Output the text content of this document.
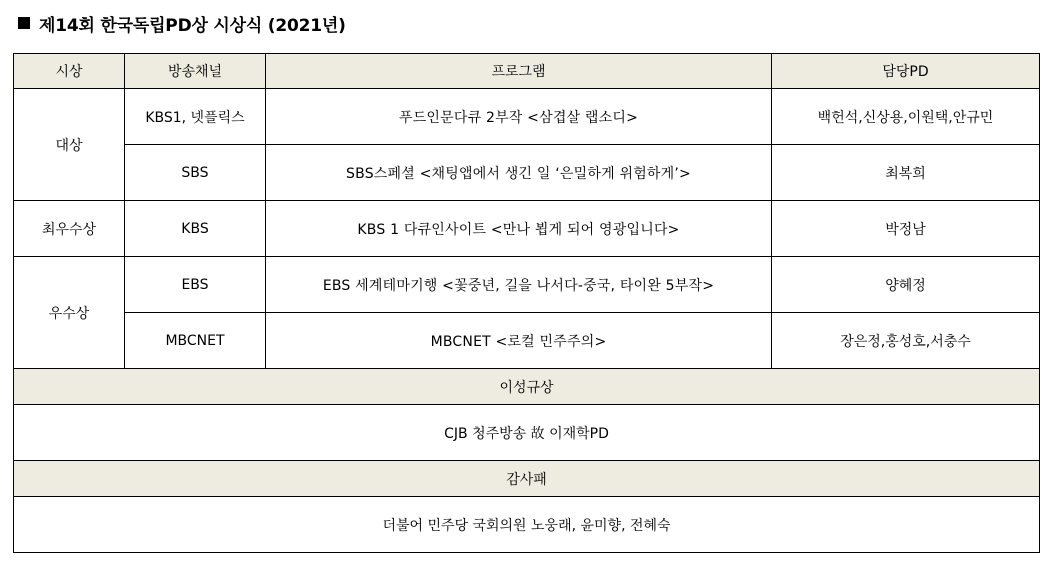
제14회 한국독립PD상 시상식 (2021년)
시상	방송채널	프로그램	담당PD
대상	KBS1, 넷플릭스	푸드인문다큐 2부작 <삼겹살 랩소디>	백헌석,신상용,이원택,안규민
	SBS	SBS스페셜 <채팅앱에서 생긴 일 ‘은밀하게 위험하게’>	최복희
최우수상	KBS	KBS 1 다큐인사이트 <만나 뵙게 되어 영광입니다>	박정남
우수상	EBS	EBS 세계테마기행 <꽃중년, 길을 나서다-중국, 타이완 5부작>	양혜정
	MBCNET	MBCNET <로컬 민주주의>	장은정,홍성호,서충수
이성규상			
CJB 청주방송 故 이재학PD			
감사패			
더불어 민주당 국회의원 노웅래, 윤미향, 전혜숙			
